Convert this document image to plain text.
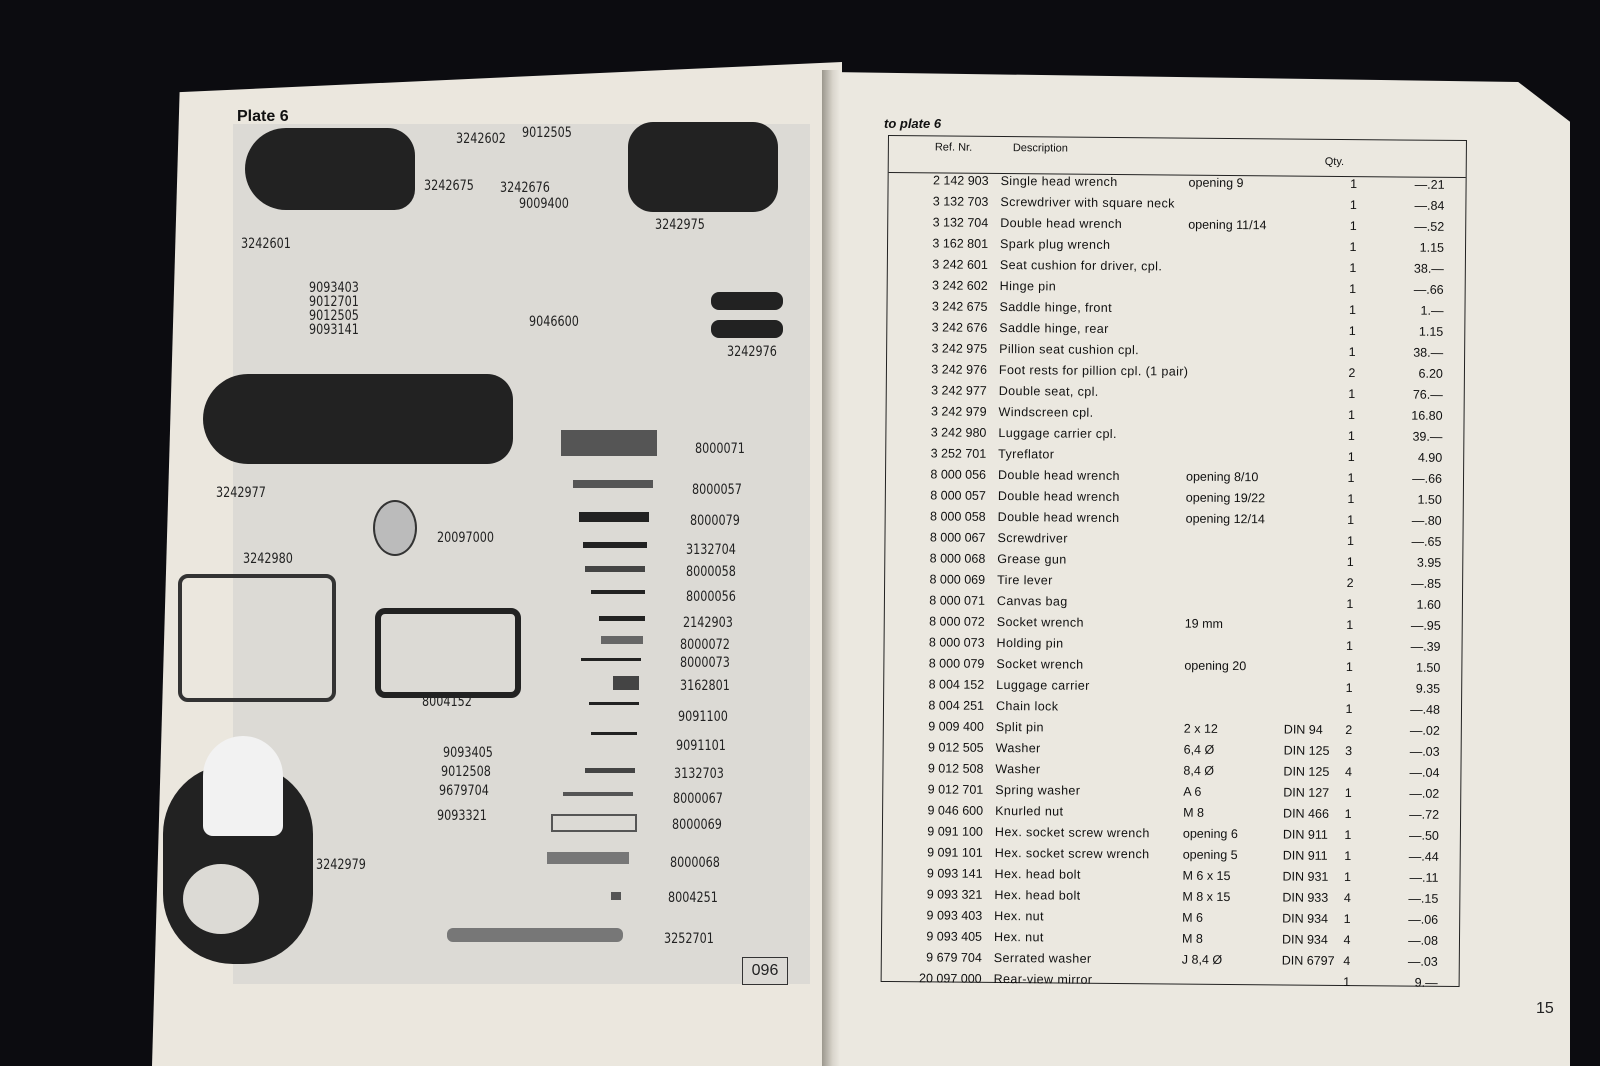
Plate 6
3242602 9012505
3242675 3242676
9009400
3242601
3242975
9093403
9012701
9012505
9093141	9046600
3242976
3242977
8000071
8000057
8000079
3132704
8000058
8000056
2142903
8000072
8000073
3162801
9091100
9091101
3132703
8000067
8000069
8000068
8004251
3252701
20097000
3242980
8004152
9093405
9012508
9679704
9093321
3242979
096
to plate 6
Ref. Nr.	Description
Qty.
2 142 903 Single head wrench	opening 9	1	—.21
3 132 703 Screwdriver with square neck	1	—.84
3 132 704 Double head wrench	opening 11/14	1	—.52
3 162 801 Spark plug wrench	1	1.15
3 242 601 Seat cushion for driver, cpl.	1	38.—
3 242 602 Hinge pin	1	—.66
3 242 675 Saddle hinge, front	1	1.—
3 242 676 Saddle hinge, rear	1	1.15
3 242 975 Pillion seat cushion cpl.	1	38.—
3 242 976 Foot rests for pillion cpl. (1 pair)	2	6.20
3 242 977 Double seat, cpl.	1	76.—
3 242 979 Windscreen cpl.	1	16.80
3 242 980 Luggage carrier cpl.	1	39.—
3 252 701 Tyreflator	1	4.90
8 000 056 Double head wrench	opening 8/10	1	—.66
8 000 057 Double head wrench	opening 19/22	1	1.50
8 000 058 Double head wrench	opening 12/14	1	—.80
8 000 067 Screwdriver	1	—.65
8 000 068 Grease gun	1	3.95
8 000 069 Tire lever	2	—.85
8 000 071 Canvas bag	1	1.60
8 000 072 Socket wrench	19 mm	1	—.95
8 000 073 Holding pin	1	—.39
8 000 079 Socket wrench	opening 20	1	1.50
8 004 152 Luggage carrier	1	9.35
8 004 251 Chain lock	1	—.48
9 009 400 Split pin	2 x 12	DIN 94	2	—.02
9 012 505 Washer	6,4 Ø	DIN 125	3	—.03
9 012 508 Washer	8,4 Ø	DIN 125	4	—.04
9 012 701 Spring washer	A 6	DIN 127	1	—.02
9 046 600 Knurled nut	M 8	DIN 466	1	—.72
9 091 100 Hex. socket screw wrench	opening 6	DIN 911	1	—.50
9 091 101 Hex. socket screw wrench	opening 5	DIN 911	1	—.44
9 093 141 Hex. head bolt	M 6 x 15	DIN 931	1	—.11
9 093 321 Hex. head bolt	M 8 x 15	DIN 933	4	—.15
9 093 403 Hex. nut	M 6	DIN 934	1	—.06
9 093 405 Hex. nut	M 8	DIN 934	4	—.08
9 679 704 Serrated washer	J 8,4 Ø	DIN 6797 4	—.03
20 097 000 Rear-view mirror	1	9.—
15
